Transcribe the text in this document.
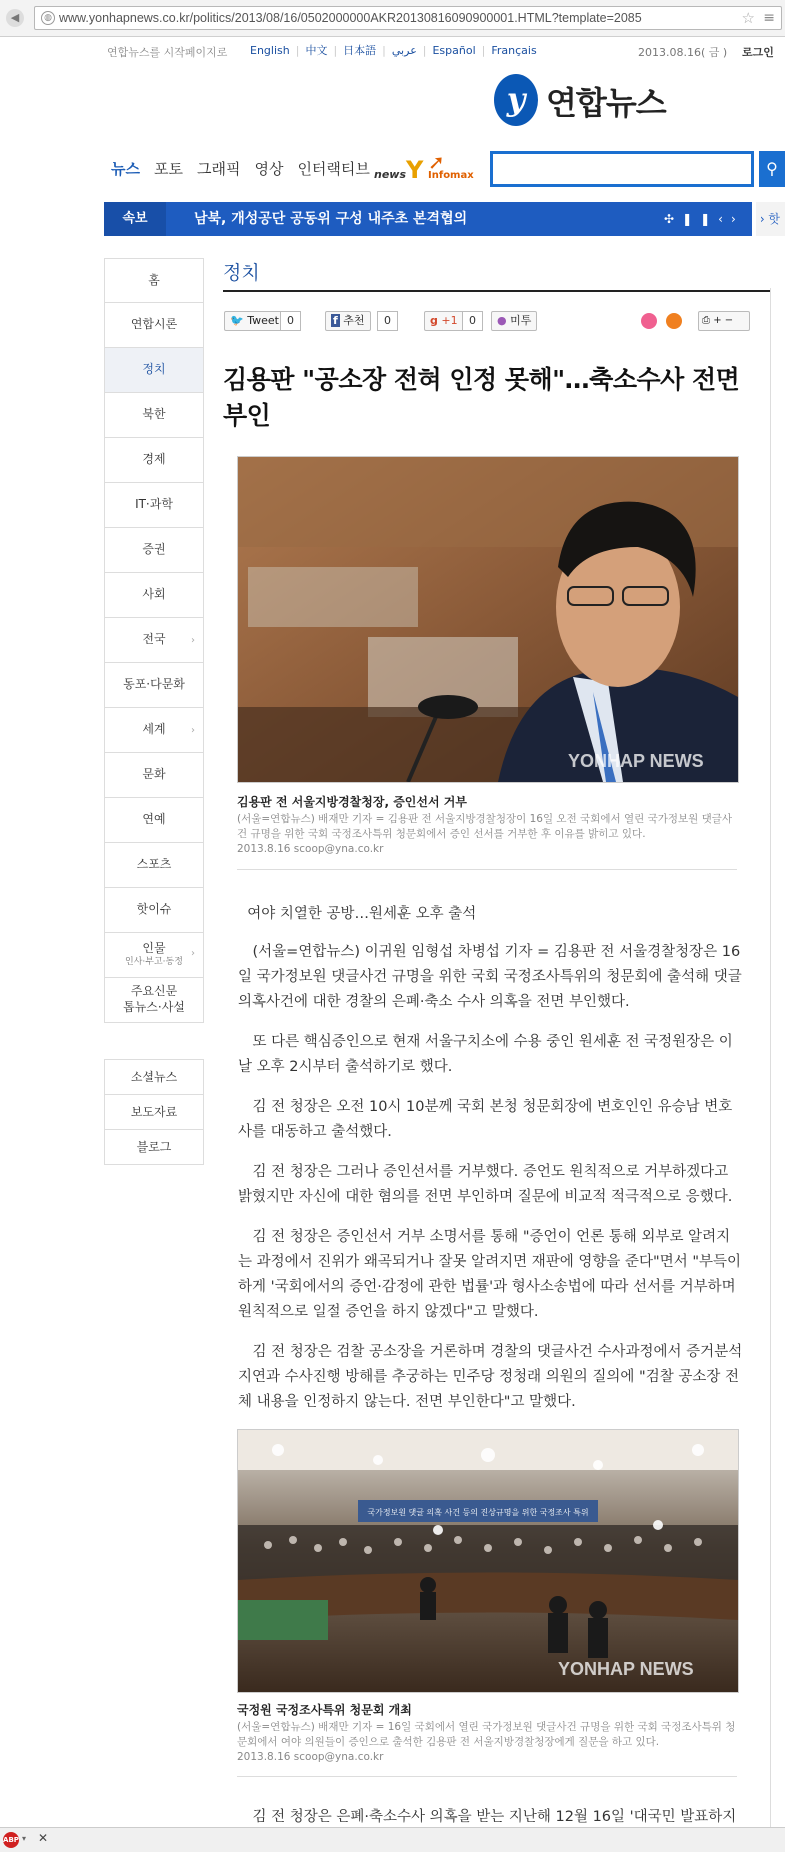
◀	◍ www.yonhapnews.co.kr/politics/2013/08/16/0502000000AKR20130816090900001.HTML?template=2085	☆ ≡
연합뉴스를 시작페이지로 English | 中文 | 日本語 | عربي | Español | Français	2013.08.16( 금 ) 로그인
y 연합뉴스
뉴스 포토 그래픽 영상 인터랙티브 newsY ➚
Infomax	⚲
속보	남북, 개성공단 공동위 구성 내주초 본격협의	✣❚❚‹› › 핫
홈
연합시론
정치
북한
경제
IT·과학
증권
사회
전국	›
동포·다문화
세계	›
문화
연예
스포츠
핫이슈
인물
인사·부고·동정
›
주요신문
톱뉴스·사설
소셜뉴스
보도자료
블로그
정치
🐦 Tweet 0	f 추천	0	g +1	0	● 미투	⎙ + −
김용판 "공소장 전혀 인정 못해"…축소수사 전면 부인
YONHAP NEWS
김용판 전 서울지방경찰청장, 증인선서 거부
(서울=연합뉴스) 배재만 기자 = 김용판 전 서울지방경찰청장이 16일 오전 국회에서 열린 국가정보원 댓글사건 규명을 위한 국회 국정조사특위 청문회에서 증인 선서를 거부한 후 이유를 밝히고 있다.
2013.8.16 scoop@yna.co.kr
여야 치열한 공방…원세훈 오후 출석
(서울=연합뉴스) 이귀원 임형섭 차병섭 기자 = 김용판 전 서울경찰청장은 16일 국가정보원 댓글사건 규명을 위한 국회 국정조사특위의 청문회에 출석해 댓글 의혹사건에 대한 경찰의 은폐·축소 수사 의혹을 전면 부인했다.
또 다른 핵심증인으로 현재 서울구치소에 수용 중인 원세훈 전 국정원장은 이날 오후 2시부터 출석하기로 했다.
김 전 청장은 오전 10시 10분께 국회 본청 청문회장에 변호인인 유승남 변호사를 대동하고 출석했다.
김 전 청장은 그러나 증인선서를 거부했다. 증언도 원칙적으로 거부하겠다고 밝혔지만 자신에 대한 혐의를 전면 부인하며 질문에 비교적 적극적으로 응했다.
김 전 청장은 증인선서 거부 소명서를 통해 "증언이 언론 통해 외부로 알려지는 과정에서 진위가 왜곡되거나 잘못 알려지면 재판에 영향을 준다"면서 "부득이하게 '국회에서의 증언·감정에 관한 법률'과 형사소송법에 따라 선서를 거부하며 원칙적으로 일절 증언을 하지 않겠다"고 말했다.
김 전 청장은 검찰 공소장을 거론하며 경찰의 댓글사건 수사과정에서 증거분석 지연과 수사진행 방해를 추궁하는 민주당 정청래 의원의 질의에 "검찰 공소장 전체 내용을 인정하지 않는다. 전면 부인한다"고 말했다.
국가정보원 댓글 의혹 사건 등의 진상규명을 위한 국정조사 특위
YONHAP NEWS
국정원 국정조사특위 청문회 개최
(서울=연합뉴스) 배재만 기자 = 16일 국회에서 열린 국가정보원 댓글사건 규명을 위한 국회 국정조사특위 청문회에서 여야 의원들이 증인으로 출석한 김용판 전 서울지방경찰청장에게 질문을 하고 있다.
2013.8.16 scoop@yna.co.kr
김 전 청장은 은폐·축소수사 의혹을 받는 지난해 12월 16일 '대국민 발표하지
ABP ▾ ✕
